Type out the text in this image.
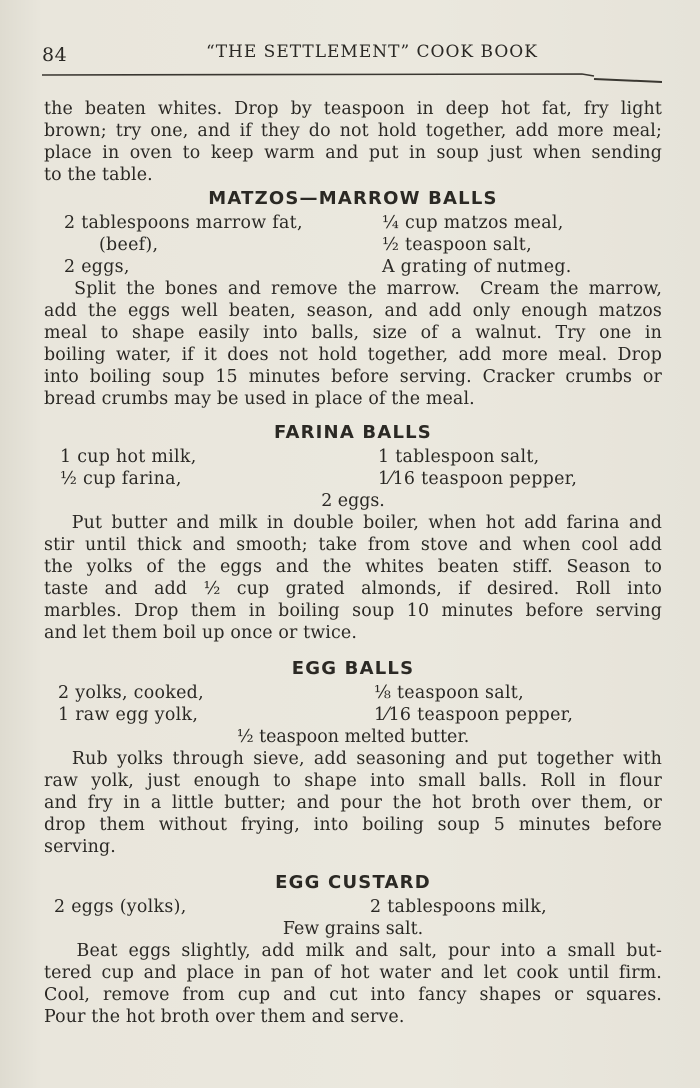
84	“THE SETTLEMENT” COOK BOOK

the beaten whites. Drop by teaspoon in deep hot fat, fry light

brown; try one, and if they do not hold together, add more meal;

place in oven to keep warm and put in soup just when sending

to the table.

MATZOS—MARROW BALLS
2 tablespoons marrow fat,	¼ cup matzos meal,
(beef),	½ teaspoon salt,
2 eggs,	A grating of nutmeg.

Split the bones and remove the marrow.  Cream the marrow,

add the eggs well beaten, season, and add only enough matzos

meal to shape easily into balls, size of a walnut. Try one in

boiling water, if it does not hold together, add more meal. Drop

into boiling soup 15 minutes before serving. Cracker crumbs or

bread crumbs may be used in place of the meal.

FARINA BALLS
1 cup hot milk,	1 tablespoon salt,
½ cup farina,	1⁄16 teaspoon pepper,
2 eggs.

Put butter and milk in double boiler, when hot add farina and

stir until thick and smooth; take from stove and when cool add

the yolks of the eggs and the whites beaten stiff. Season to

taste and add ½ cup grated almonds, if desired. Roll into

marbles. Drop them in boiling soup 10 minutes before serving

and let them boil up once or twice.

EGG BALLS
2 yolks, cooked,	⅛ teaspoon salt,
1 raw egg yolk,	1⁄16 teaspoon pepper,
½ teaspoon melted butter.

Rub yolks through sieve, add seasoning and put together with

raw yolk, just enough to shape into small balls. Roll in flour

and fry in a little butter; and pour the hot broth over them, or

drop them without frying, into boiling soup 5 minutes before

serving.

EGG CUSTARD
2 eggs (yolks),	2 tablespoons milk,
Few grains salt.

Beat eggs slightly, add milk and salt, pour into a small but-

tered cup and place in pan of hot water and let cook until firm.

Cool, remove from cup and cut into fancy shapes or squares.

Pour the hot broth over them and serve.
